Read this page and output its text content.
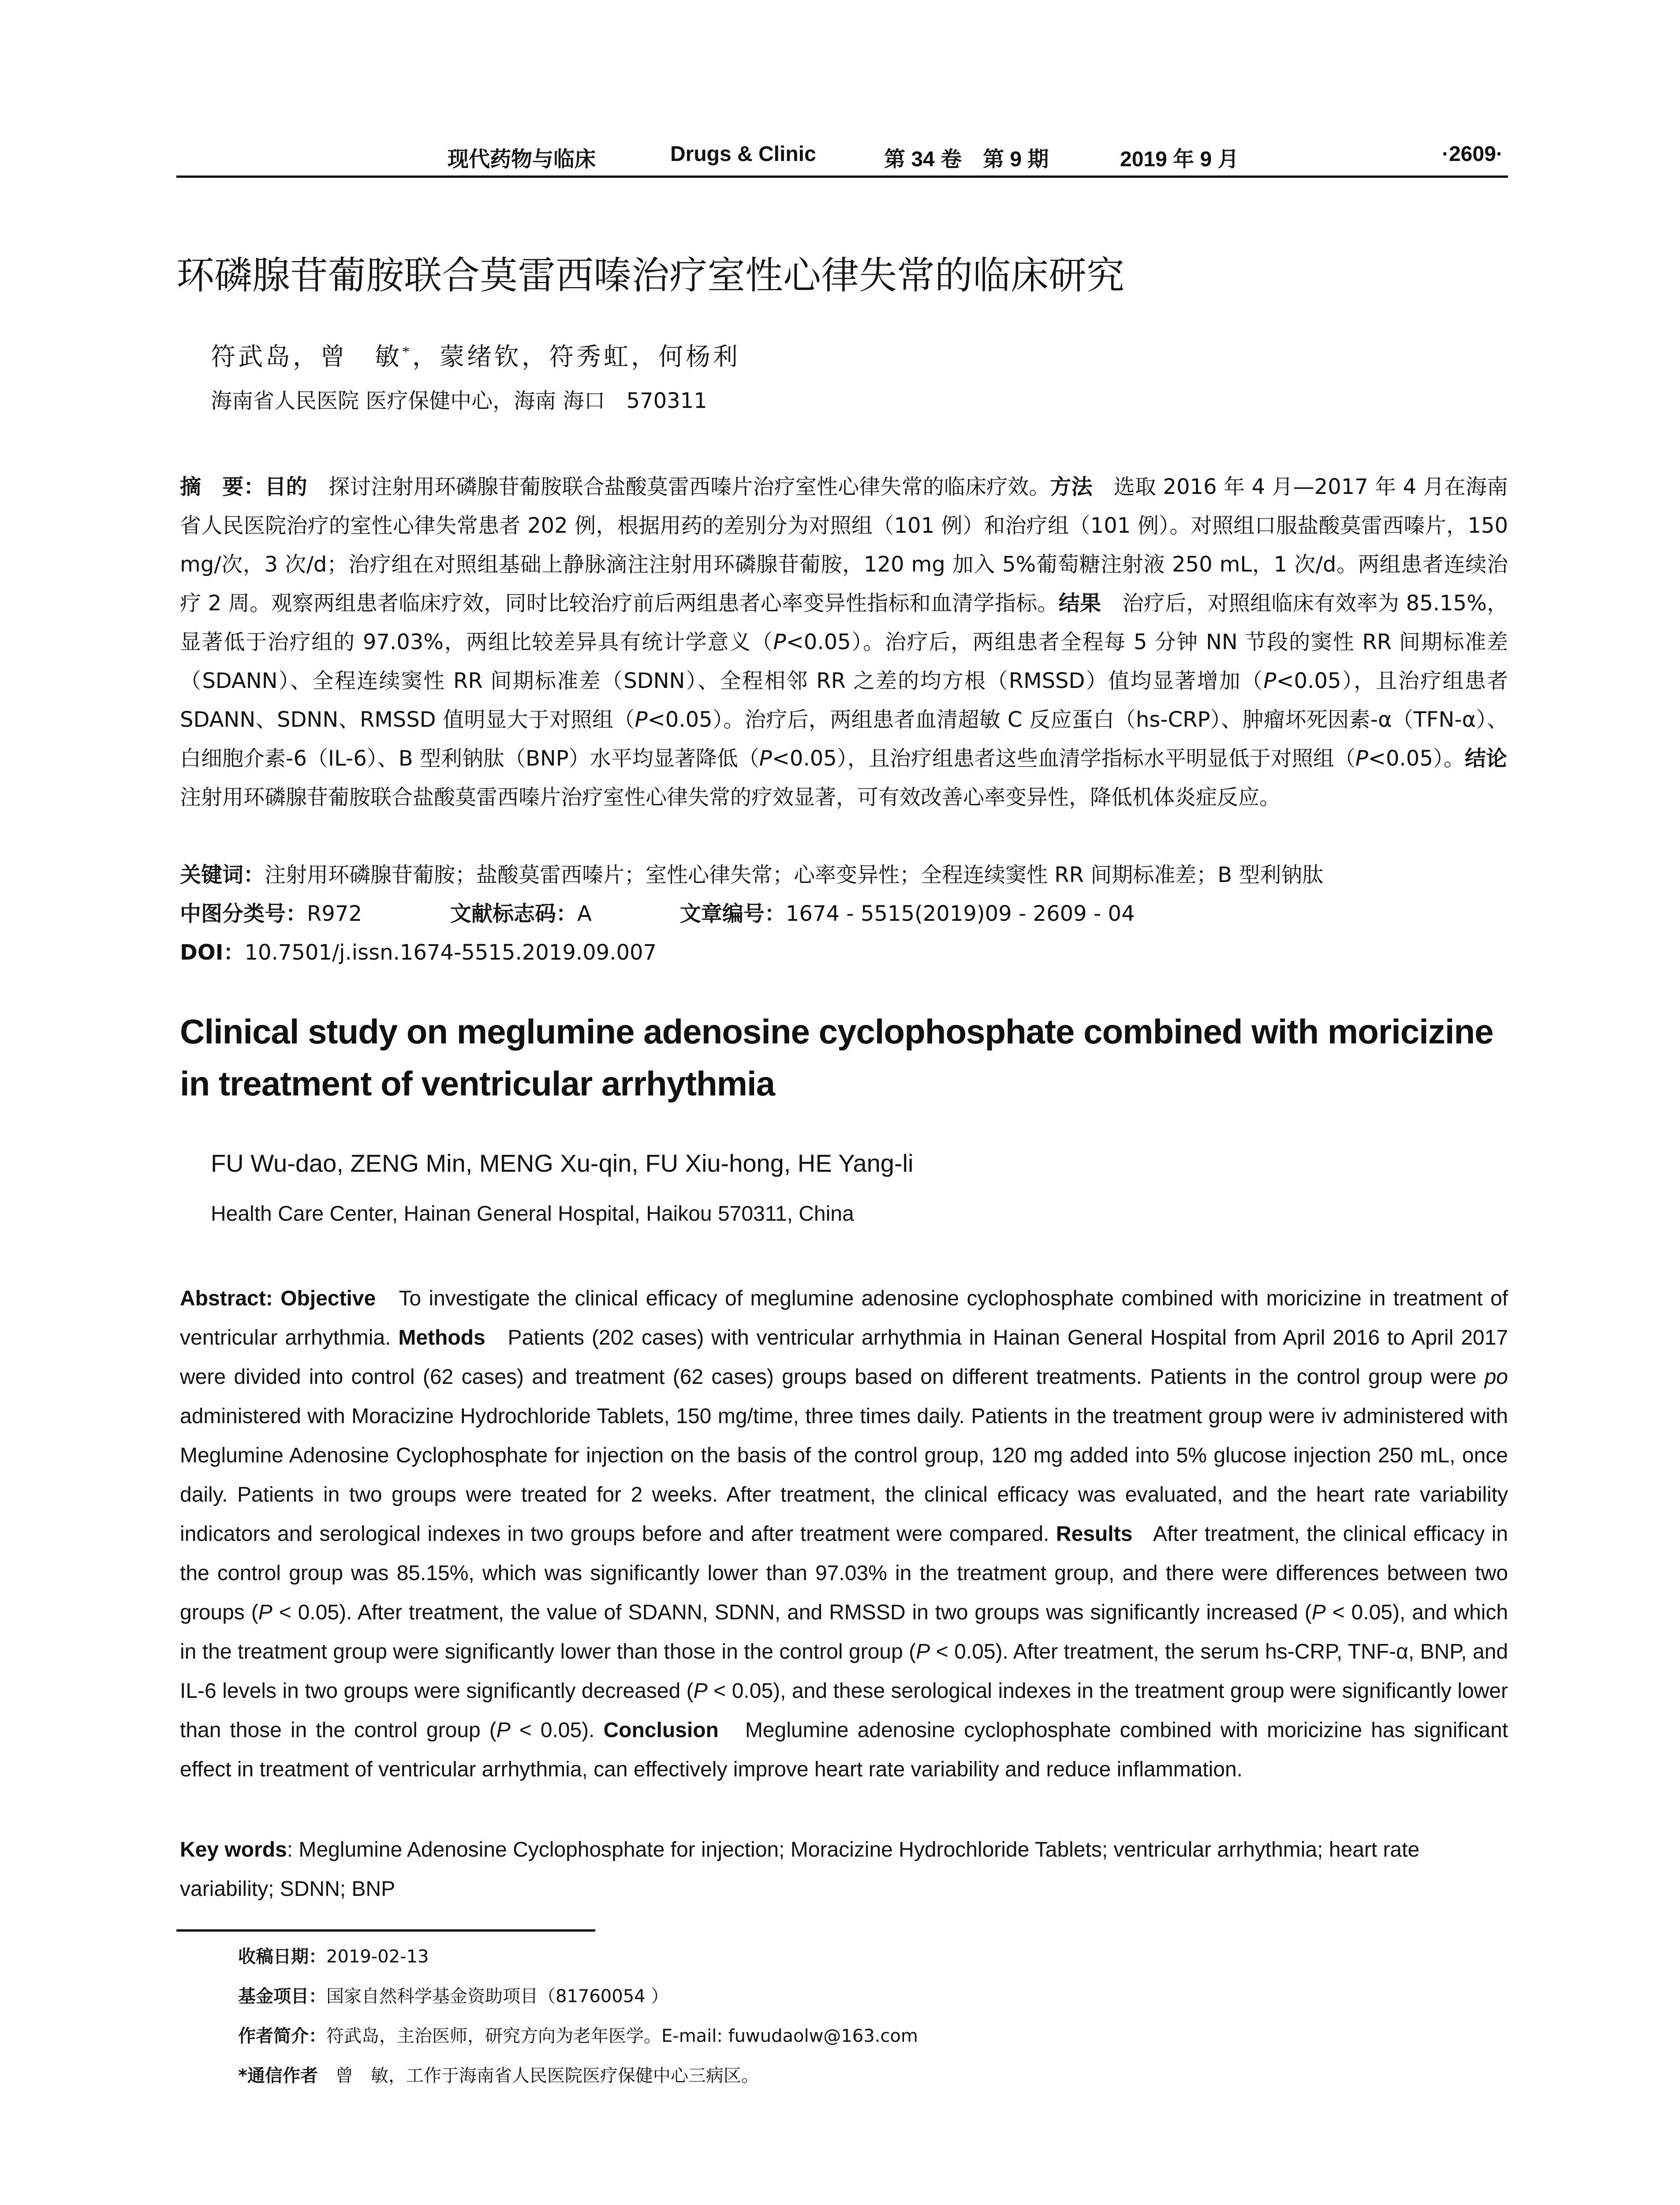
现代药物与临床	Drugs & Clinic	第 34 卷　第 9 期	2019 年 9 月	·2609·
环磷腺苷葡胺联合莫雷西嗪治疗室性心律失常的临床研究
符武岛，曾　敏*，蒙绪钦，符秀虹，何杨利
海南省人民医院 医疗保健中心，海南 海口　570311
摘　要：目的　探讨注射用环磷腺苷葡胺联合盐酸莫雷西嗪片治疗室性心律失常的临床疗效。方法　选取 2016 年 4 月—2017 年 4 月在海南省人民医院治疗的室性心律失常患者 202 例，根据用药的差别分为对照组（101 例）和治疗组（101 例）。对照组口服盐酸莫雷西嗪片，150 mg/次，3 次/d；治疗组在对照组基础上静脉滴注注射用环磷腺苷葡胺，120 mg 加入 5%葡萄糖注射液 250 mL，1 次/d。两组患者连续治疗 2 周。观察两组患者临床疗效，同时比较治疗前后两组患者心率变异性指标和血清学指标。结果　治疗后，对照组临床有效率为 85.15%，显著低于治疗组的 97.03%，两组比较差异具有统计学意义（P<0.05）。治疗后，两组患者全程每 5 分钟 NN 节段的窦性 RR 间期标准差（SDANN）、全程连续窦性 RR 间期标准差（SDNN）、全程相邻 RR 之差的均方根（RMSSD）值均显著增加（P<0.05），且治疗组患者 SDANN、SDNN、RMSSD 值明显大于对照组（P<0.05）。治疗后，两组患者血清超敏 C 反应蛋白（hs-CRP）、肿瘤坏死因素-α（TFN-α）、白细胞介素-6（IL-6）、B 型利钠肽（BNP）水平均显著降低（P<0.05），且治疗组患者这些血清学指标水平明显低于对照组（P<0.05）。结论　注射用环磷腺苷葡胺联合盐酸莫雷西嗪片治疗室性心律失常的疗效显著，可有效改善心率变异性，降低机体炎症反应。
关键词：注射用环磷腺苷葡胺；盐酸莫雷西嗪片；室性心律失常；心率变异性；全程连续窦性 RR 间期标准差；B 型利钠肽
中图分类号：R972	文献标志码：A	文章编号：1674 - 5515(2019)09 - 2609 - 04
DOI：10.7501/j.issn.1674-5515.2019.09.007
Clinical study on meglumine adenosine cyclophosphate combined with moricizine in treatment of ventricular arrhythmia
FU Wu-dao, ZENG Min, MENG Xu-qin, FU Xiu-hong, HE Yang-li
Health Care Center, Hainan General Hospital, Haikou 570311, China
Abstract: Objective To investigate the clinical efficacy of meglumine adenosine cyclophosphate combined with moricizine in treatment of ventricular arrhythmia. Methods Patients (202 cases) with ventricular arrhythmia in Hainan General Hospital from April 2016 to April 2017 were divided into control (62 cases) and treatment (62 cases) groups based on different treatments. Patients in the control group were po administered with Moracizine Hydrochloride Tablets, 150 mg/time, three times daily. Patients in the treatment group were iv administered with Meglumine Adenosine Cyclophosphate for injection on the basis of the control group, 120 mg added into 5% glucose injection 250 mL, once daily. Patients in two groups were treated for 2 weeks. After treatment, the clinical efficacy was evaluated, and the heart rate variability indicators and serological indexes in two groups before and after treatment were compared. Results After treatment, the clinical efficacy in the control group was 85.15%, which was significantly lower than 97.03% in the treatment group, and there were differences between two groups (P < 0.05). After treatment, the value of SDANN, SDNN, and RMSSD in two groups was significantly increased (P < 0.05), and which in the treatment group were significantly lower than those in the control group (P < 0.05). After treatment, the serum hs-CRP, TNF-α, BNP, and IL-6 levels in two groups were significantly decreased (P < 0.05), and these serological indexes in the treatment group were significantly lower than those in the control group (P < 0.05). Conclusion Meglumine adenosine cyclophosphate combined with moricizine has significant effect in treatment of ventricular arrhythmia, can effectively improve heart rate variability and reduce inflammation.
Key words: Meglumine Adenosine Cyclophosphate for injection; Moracizine Hydrochloride Tablets; ventricular arrhythmia; heart rate variability; SDNN; BNP
收稿日期：2019-02-13
基金项目：国家自然科学基金资助项目（81760054 ）
作者简介：符武岛，主治医师，研究方向为老年医学。E-mail: fuwudaolw@163.com
*通信作者　曾　敏，工作于海南省人民医院医疗保健中心三病区。
